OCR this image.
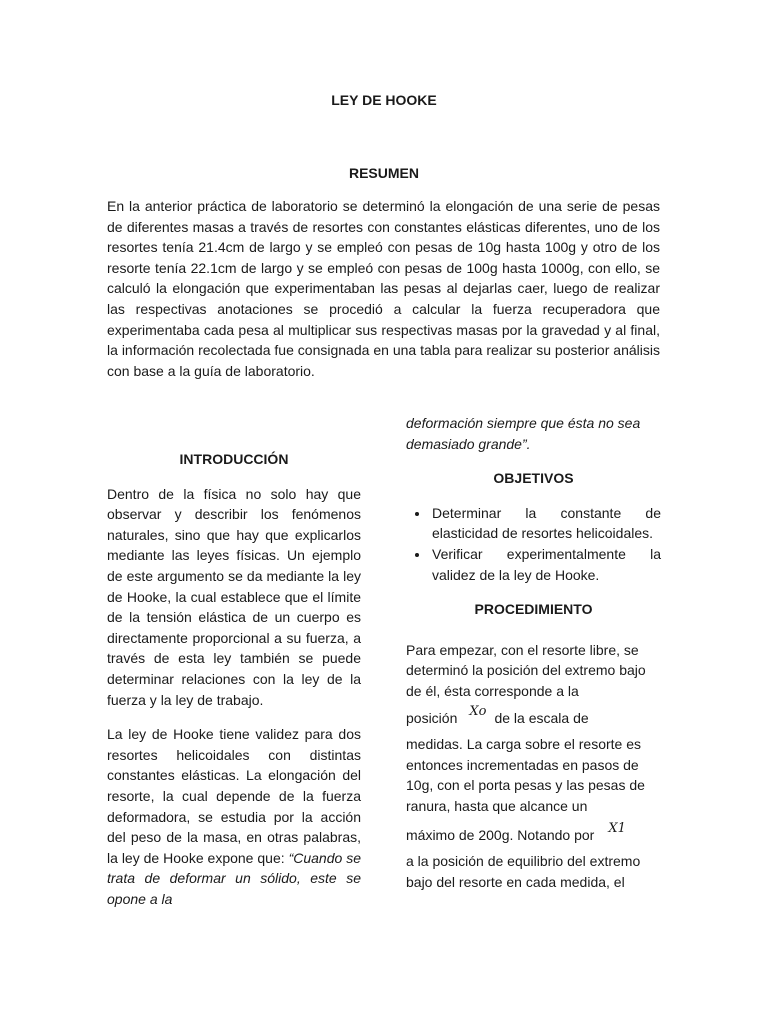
LEY DE HOOKE
RESUMEN

En la anterior práctica de laboratorio se determinó la elongación de una serie de pesas de diferentes masas a través de resortes con constantes elásticas diferentes, uno de los resortes tenía 21.4cm de largo y se empleó con pesas de 10g hasta 100g y otro de los resorte tenía 22.1cm de largo y se empleó con pesas de 100g hasta 1000g, con ello, se calculó la elongación que experimentaban las pesas al dejarlas caer, luego de realizar las respectivas anotaciones se procedió a calcular la fuerza recuperadora que experimentaba cada pesa al multiplicar sus respectivas masas por la gravedad y al final, la información recolectada fue consignada en una tabla para realizar su posterior análisis con base a la guía de laboratorio.

INTRODUCCIÓN

Dentro de la física no solo hay que observar y describir los fenómenos naturales, sino que hay que explicarlos mediante las leyes físicas. Un ejemplo de este argumento se da mediante la ley de Hooke, la cual establece que el límite de la tensión elástica de un cuerpo es directamente proporcional a su fuerza, a través de esta ley también se puede determinar relaciones con la ley de la fuerza y la ley de trabajo.

La ley de Hooke tiene validez para dos resortes helicoidales con distintas constantes elásticas. La elongación del resorte, la cual depende de la fuerza deformadora, se estudia por la acción del peso de la masa, en otras palabras, la ley de Hooke expone que: “Cuando se trata de deformar un sólido, este se opone a la

deformación siempre que ésta no sea demasiado grande”.

OBJETIVOS

• Determinar la constante de elasticidad de resortes helicoidales.
• Verificar experimentalmente la validez de la ley de Hooke.

PROCEDIMIENTO

Para empezar, con el resorte libre, se determinó la posición del extremo bajo de él, ésta corresponde a la

posición Xo de la escala de

medidas. La carga sobre el resorte es entonces incrementadas en pasos de 10g, con el porta pesas y las pesas de ranura, hasta que alcance un

máximo de 200g. Notando por X1

a la posición de equilibrio del extremo bajo del resorte en cada medida, el
